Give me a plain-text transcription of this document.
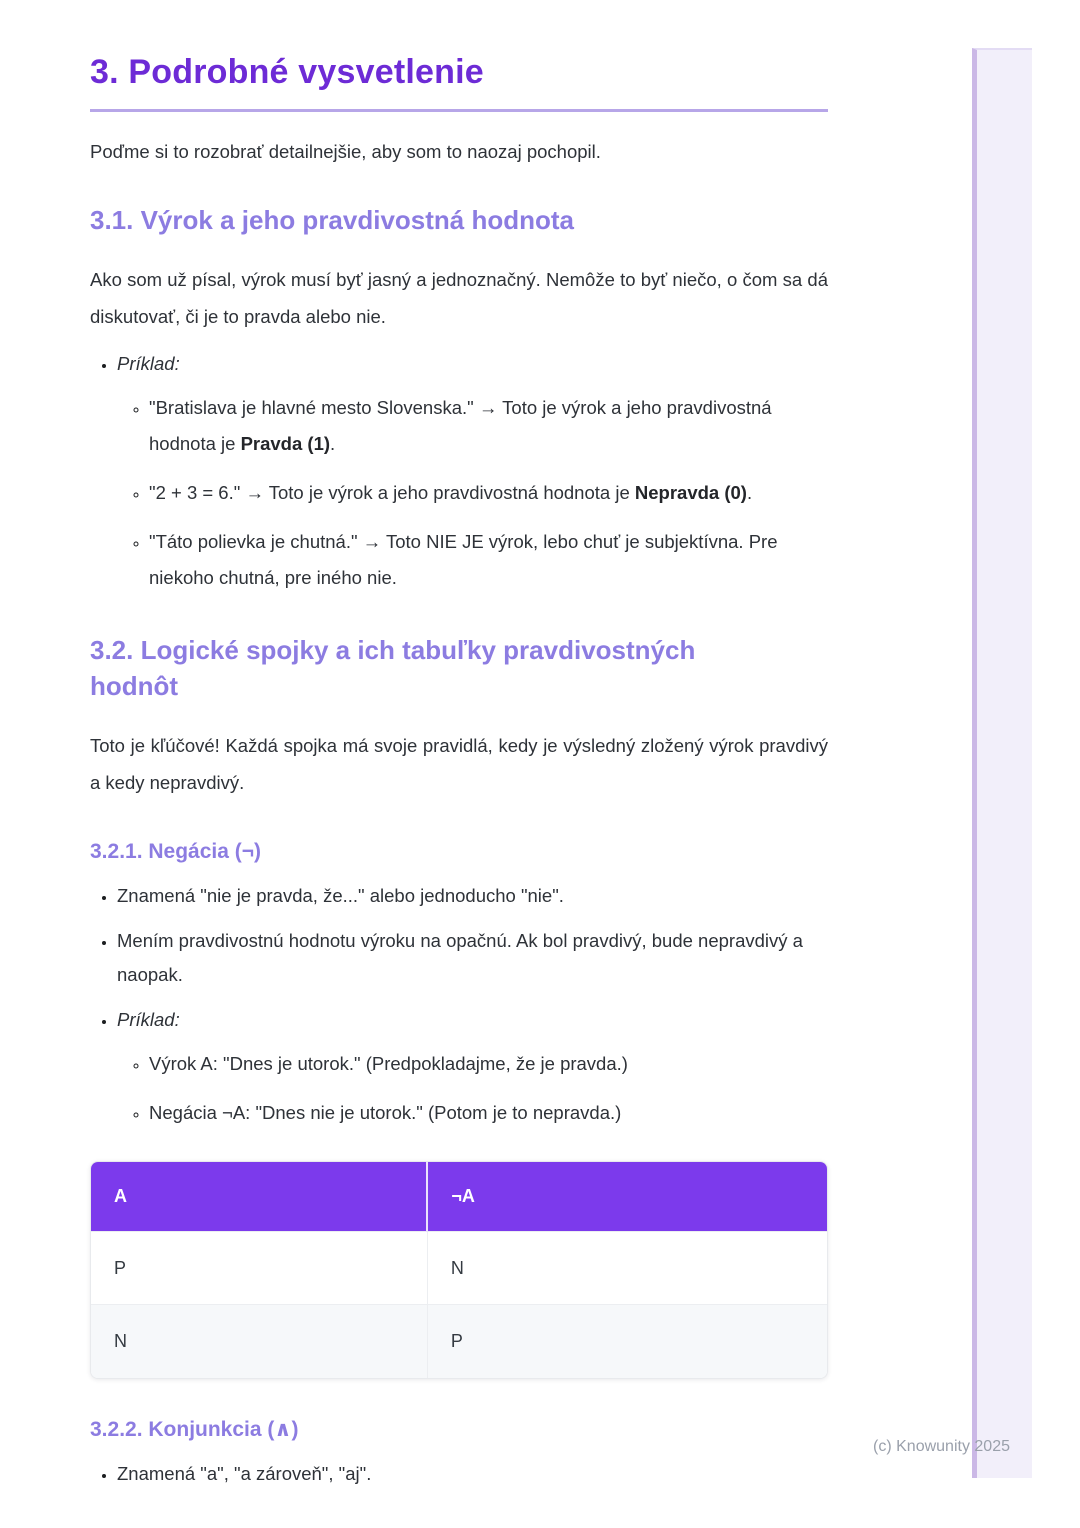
3. Podrobné vysvetlenie

Poďme si to rozobrať detailnejšie, aby som to naozaj pochopil.

3.1. Výrok a jeho pravdivostná hodnota

Ako som už písal, výrok musí byť jasný a jednoznačný. Nemôže to byť niečo, o čom sa dá diskutovať, či je to pravda alebo nie.

• Príklad:
◦ "Bratislava je hlavné mesto Slovenska." → Toto je výrok a jeho pravdivostná hodnota je Pravda (1).
◦ "2 + 3 = 6." → Toto je výrok a jeho pravdivostná hodnota je Nepravda (0).
◦ "Táto polievka je chutná." → Toto NIE JE výrok, lebo chuť je subjektívna. Pre niekoho chutná, pre iného nie.
3.2. Logické spojky a ich tabuľky pravdivostných hodnôt

Toto je kľúčové! Každá spojka má svoje pravidlá, kedy je výsledný zložený výrok pravdivý a kedy nepravdivý.

3.2.1. Negácia (¬)
• Znamená "nie je pravda, že..." alebo jednoducho "nie".
• Mením pravdivostnú hodnotu výroku na opačnú. Ak bol pravdivý, bude nepravdivý a naopak.
• Príklad:
◦ Výrok A: "Dnes je utorok." (Predpokladajme, že je pravda.)
◦ Negácia ¬A: "Dnes nie je utorok." (Potom je to nepravda.)
A	¬A
P	N
N	P
3.2.2. Konjunkcia (∧)
• Znamená "a", "a zároveň", "aj".
(c) Knowunity 2025
